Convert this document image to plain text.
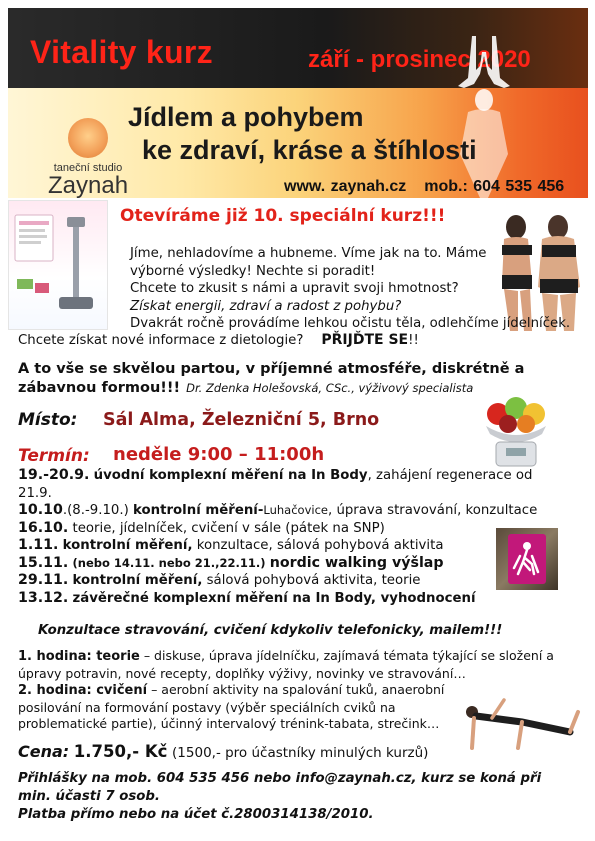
Vitality kurz	září - prosinec 2020
Jídlem a pohybem
ke zdraví, kráse a štíhlosti
taneční studio
Zaynah	www. zaynah.cz mob.: 604 535 456
Otevíráme již 10. speciální kurz!!!
Jíme, nehladovíme a hubneme. Víme jak na to. Máme
výborné výsledky! Nechte si poradit!
Chcete to zkusit s námi a upravit svoji hmotnost?
Získat energii, zdraví a radost z pohybu?
Dvakrát ročně provádíme lehkou očistu těla, odlehčíme jídelníček.
Chcete získat nové informace z dietologie? PŘIJĎTE SE!!
A to vše se skvělou partou, v příjemné atmosféře, diskrétně a
zábavnou formou!!! Dr. Zdenka Holešovská, CSc., výživový specialista
Místo: Sál Alma, Železniční 5, Brno
Termín: neděle 9:00 – 11:00h
19.-20.9. úvodní komplexní měření na In Body, zahájení regenerace od 21.9.
10.10.(8.-9.10.) kontrolní měření-Luhačovice, úprava stravování, konzultace
16.10. teorie, jídelníček, cvičení v sále (pátek na SNP)
1.11. kontrolní měření, konzultace, sálová pohybová aktivita
15.11. (nebo 14.11. nebo 21.,22.11.) nordic walking výšlap
29.11. kontrolní měření, sálová pohybová aktivita, teorie
13.12. závěrečné komplexní měření na In Body, vyhodnocení
Konzultace stravování, cvičení kdykoliv telefonicky, mailem!!!
1. hodina: teorie – diskuse, úprava jídelníčku, zajímavá témata týkající se složení a úpravy potravin, nové recepty, doplňky výživy, novinky ve stravování…
2. hodina: cvičení – aerobní aktivity na spalování tuků, anaerobní posilování na formování postavy (výběr speciálních cviků na problematické partie), účinný intervalový trénink-tabata, strečink…
Cena: 1.750,- Kč (1500,- pro účastníky minulých kurzů)
Přihlášky na mob. 604 535 456 nebo info@zaynah.cz, kurz se koná při min. účasti 7 osob.
Platba přímo nebo na účet č.2800314138/2010.
